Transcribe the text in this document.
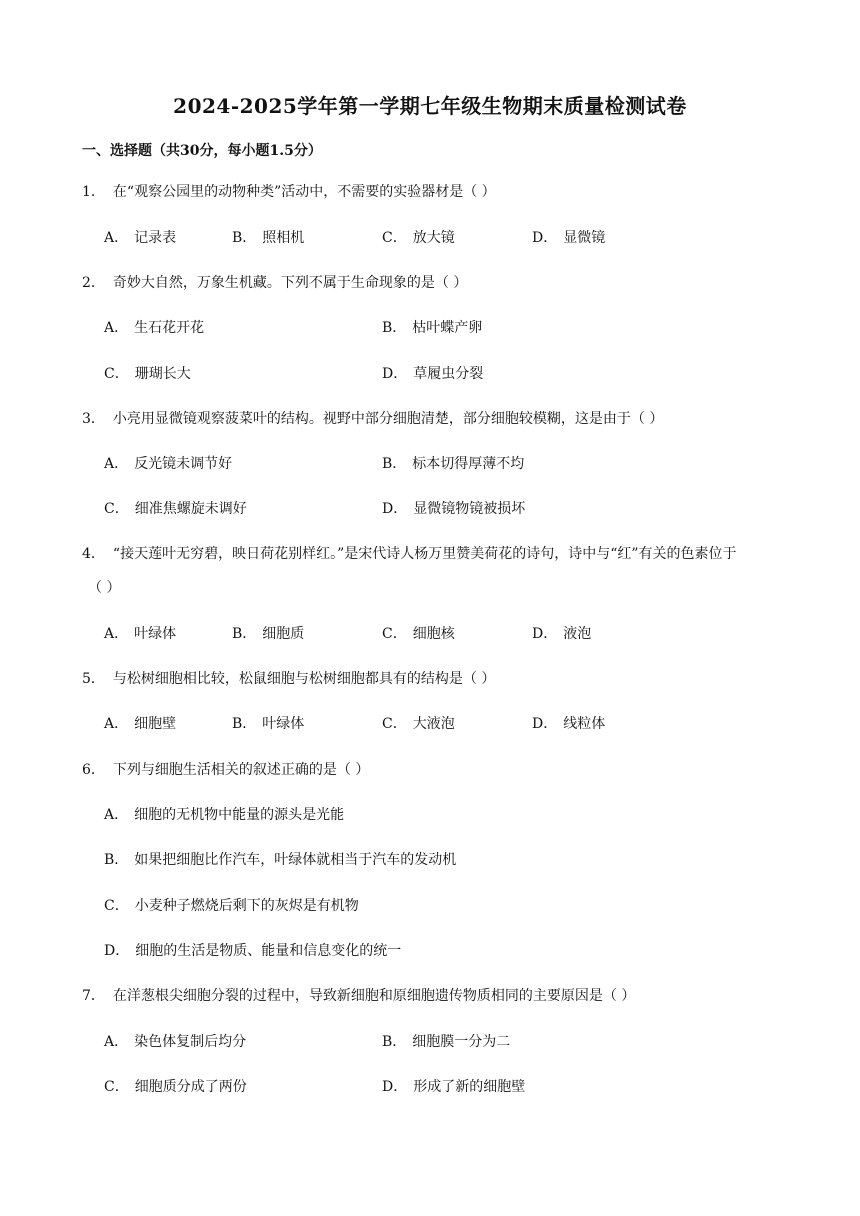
2024-2025学年第一学期七年级生物期末质量检测试卷
一、选择题（共30分，每小题1.5分）
1． 在“观察公园里的动物种类”活动中，不需要的实验器材是（ ）
A． 记录表	B． 照相机	C． 放大镜	D． 显微镜
2． 奇妙大自然，万象生机藏。下列不属于生命现象的是（ ）
A． 生石花开花	B． 枯叶蝶产卵
C． 珊瑚长大	D． 草履虫分裂
3． 小亮用显微镜观察菠菜叶的结构。视野中部分细胞清楚，部分细胞较模糊，这是由于（ ）
A． 反光镜未调节好	B． 标本切得厚薄不均
C． 细准焦螺旋未调好	D． 显微镜物镜被损坏
4． “接天莲叶无穷碧，映日荷花别样红。”是宋代诗人杨万里赞美荷花的诗句，诗中与“红”有关的色素位于
（ ）
A． 叶绿体	B． 细胞质	C． 细胞核	D． 液泡
5． 与松树细胞相比较，松鼠细胞与松树细胞都具有的结构是（ ）
A． 细胞壁	B． 叶绿体	C． 大液泡	D． 线粒体
6． 下列与细胞生活相关的叙述正确的是（ ）
A． 细胞的无机物中能量的源头是光能
B． 如果把细胞比作汽车，叶绿体就相当于汽车的发动机
C． 小麦种子燃烧后剩下的灰烬是有机物
D． 细胞的生活是物质、能量和信息变化的统一
7． 在洋葱根尖细胞分裂的过程中，导致新细胞和原细胞遗传物质相同的主要原因是（ ）
A． 染色体复制后均分	B． 细胞膜一分为二
C． 细胞质分成了两份	D． 形成了新的细胞壁
